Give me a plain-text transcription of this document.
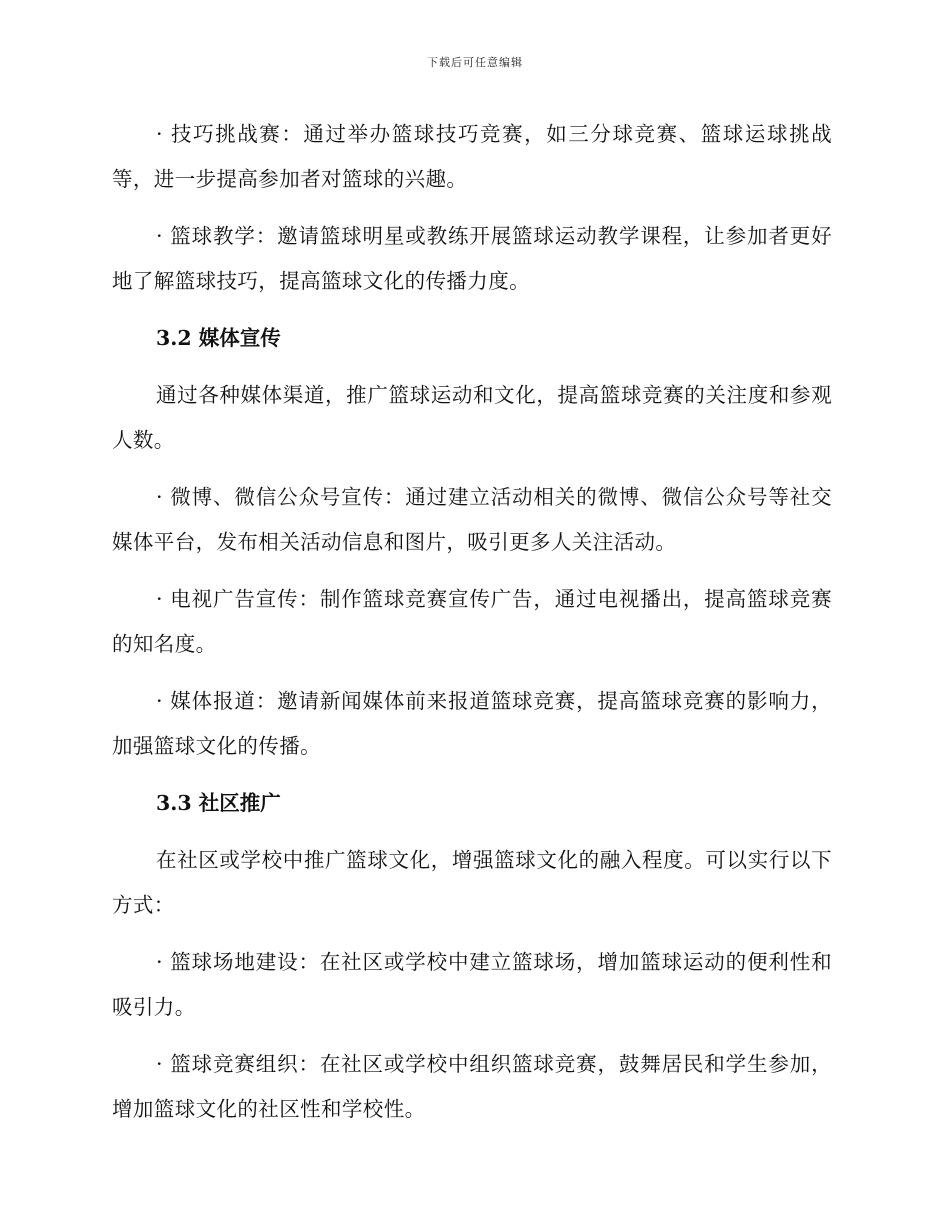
下载后可任意编辑

· 技巧挑战赛：通过举办篮球技巧竞赛，如三分球竞赛、篮球运球挑战等，进一步提高参加者对篮球的兴趣。

· 篮球教学：邀请篮球明星或教练开展篮球运动教学课程，让参加者更好地了解篮球技巧，提高篮球文化的传播力度。

3.2 媒体宣传

通过各种媒体渠道，推广篮球运动和文化，提高篮球竞赛的关注度和参观人数。

· 微博、微信公众号宣传：通过建立活动相关的微博、微信公众号等社交媒体平台，发布相关活动信息和图片，吸引更多人关注活动。

· 电视广告宣传：制作篮球竞赛宣传广告，通过电视播出，提高篮球竞赛的知名度。

· 媒体报道：邀请新闻媒体前来报道篮球竞赛，提高篮球竞赛的影响力，加强篮球文化的传播。

3.3 社区推广

在社区或学校中推广篮球文化，增强篮球文化的融入程度。可以实行以下方式：

· 篮球场地建设：在社区或学校中建立篮球场，增加篮球运动的便利性和吸引力。

· 篮球竞赛组织：在社区或学校中组织篮球竞赛，鼓舞居民和学生参加，增加篮球文化的社区性和学校性。
